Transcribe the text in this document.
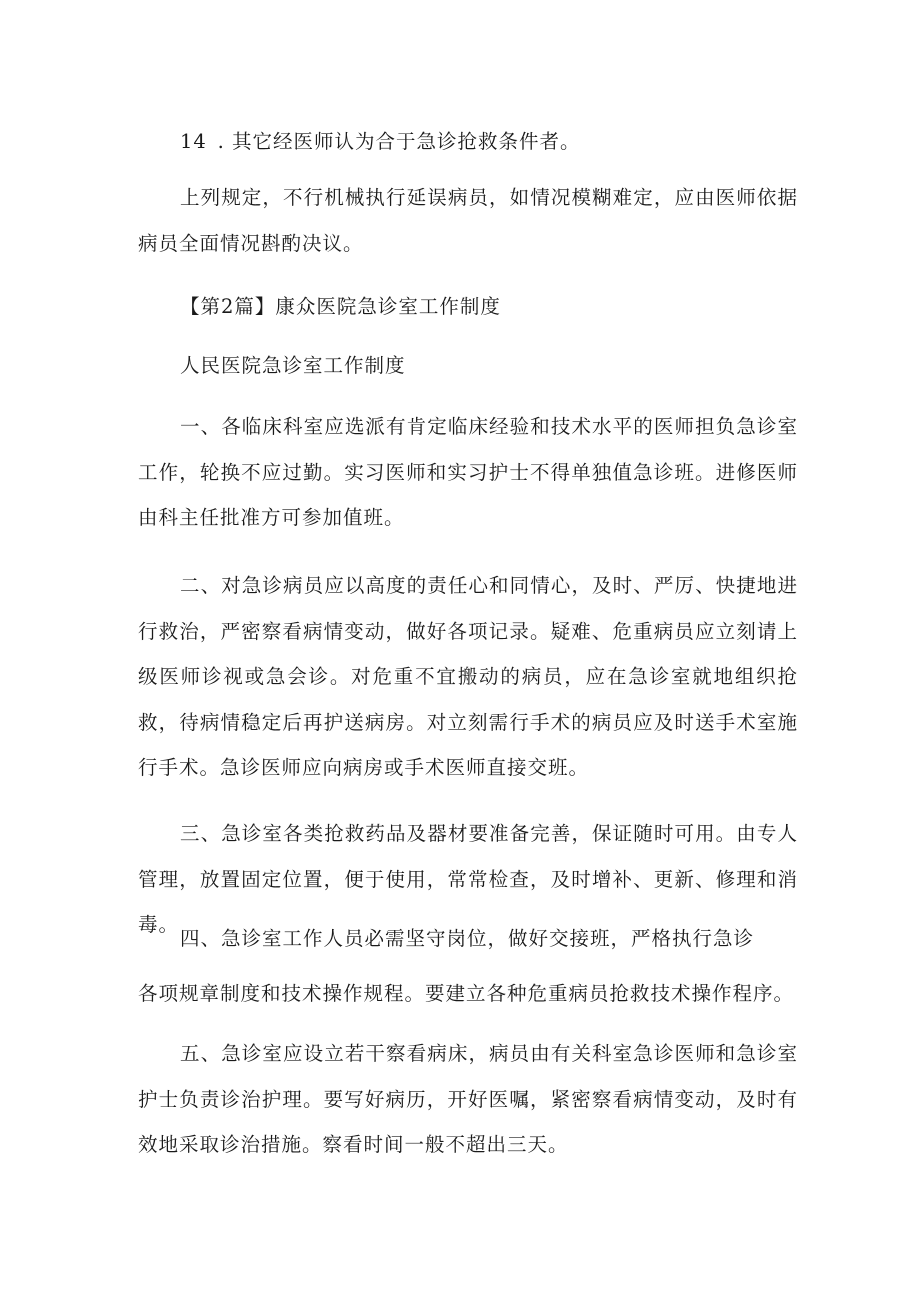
14 . 其它经医师认为合于急诊抢救条件者。

上列规定，不行机械执行延误病员，如情况模糊难定，应由医师依据病员全面情况斟酌决议。

【第2篇】康众医院急诊室工作制度

人民医院急诊室工作制度

一、各临床科室应选派有肯定临床经验和技术水平的医师担负急诊室工作，轮换不应过勤。实习医师和实习护士不得单独值急诊班。进修医师由科主任批准方可参加值班。

二、对急诊病员应以高度的责任心和同情心，及时、严厉、快捷地进行救治，严密察看病情变动，做好各项记录。疑难、危重病员应立刻请上级医师诊视或急会诊。对危重不宜搬动的病员，应在急诊室就地组织抢救，待病情稳定后再护送病房。对立刻需行手术的病员应及时送手术室施行手术。急诊医师应向病房或手术医师直接交班。

三、急诊室各类抢救药品及器材要准备完善，保证随时可用。由专人管理，放置固定位置，便于使用，常常检查，及时增补、更新、修理和消毒。

四、急诊室工作人员必需坚守岗位，做好交接班，严格执行急诊

各项规章制度和技术操作规程。要建立各种危重病员抢救技术操作程序。

五、急诊室应设立若干察看病床，病员由有关科室急诊医师和急诊室护士负责诊治护理。要写好病历，开好医嘱，紧密察看病情变动，及时有效地采取诊治措施。察看时间一般不超出三天。
